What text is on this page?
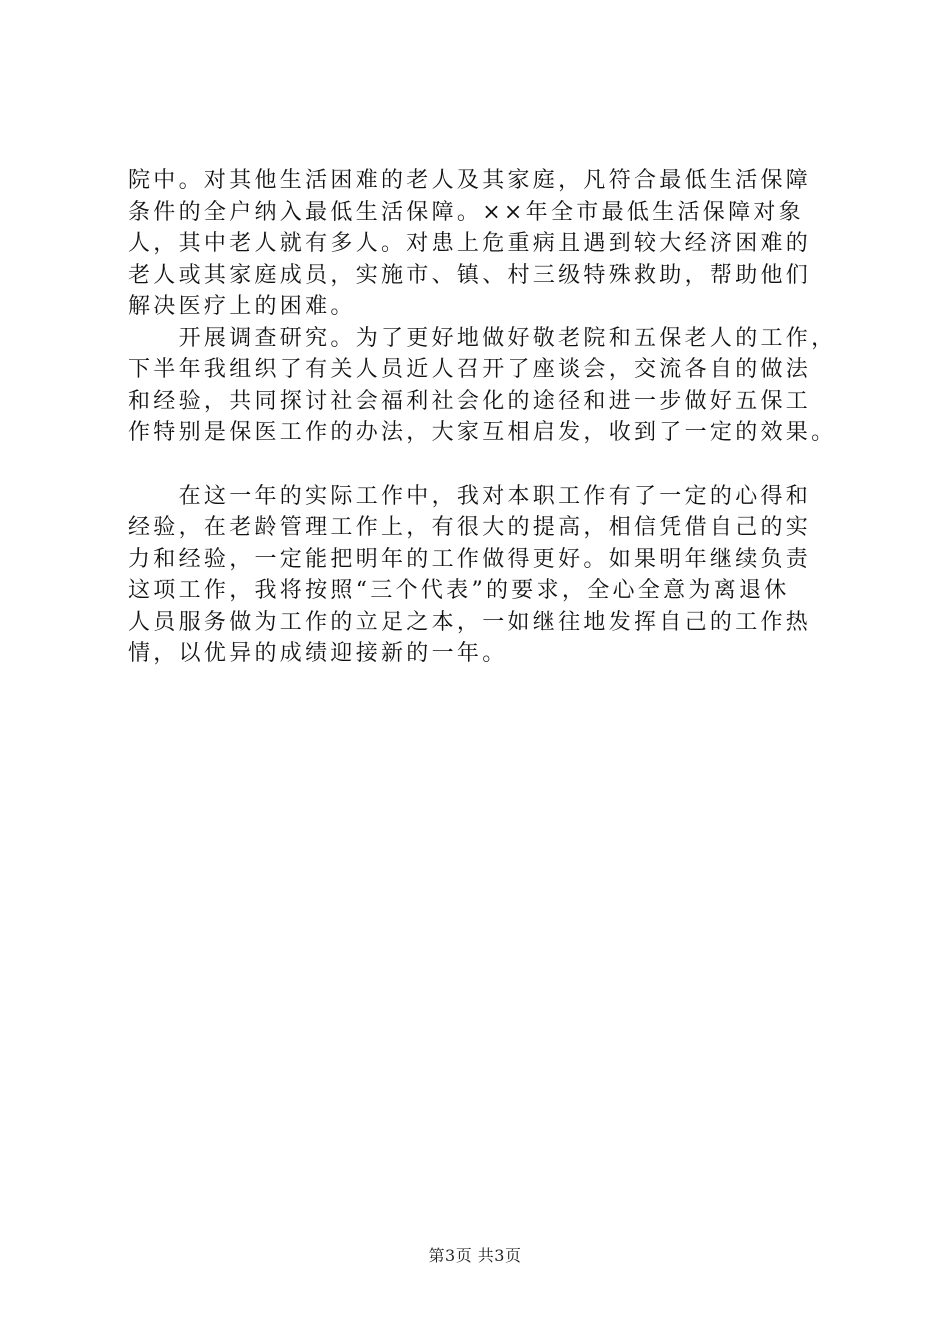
院中。对其他生活困难的老人及其家庭，凡符合最低生活保障
条件的全户纳入最低生活保障。××年全市最低生活保障对象
人，其中老人就有多人。对患上危重病且遇到较大经济困难的
老人或其家庭成员，实施市、镇、村三级特殊救助，帮助他们
解决医疗上的困难。
　　开展调查研究。为了更好地做好敬老院和五保老人的工作，
下半年我组织了有关人员近人召开了座谈会，交流各自的做法
和经验，共同探讨社会福利社会化的途径和进一步做好五保工
作特别是保医工作的办法，大家互相启发，收到了一定的效果。
　　在这一年的实际工作中，我对本职工作有了一定的心得和
经验，在老龄管理工作上，有很大的提高，相信凭借自己的实
力和经验，一定能把明年的工作做得更好。如果明年继续负责
这项工作，我将按照“三个代表”的要求，全心全意为离退休
人员服务做为工作的立足之本，一如继往地发挥自己的工作热
情，以优异的成绩迎接新的一年。
第3页 共3页
